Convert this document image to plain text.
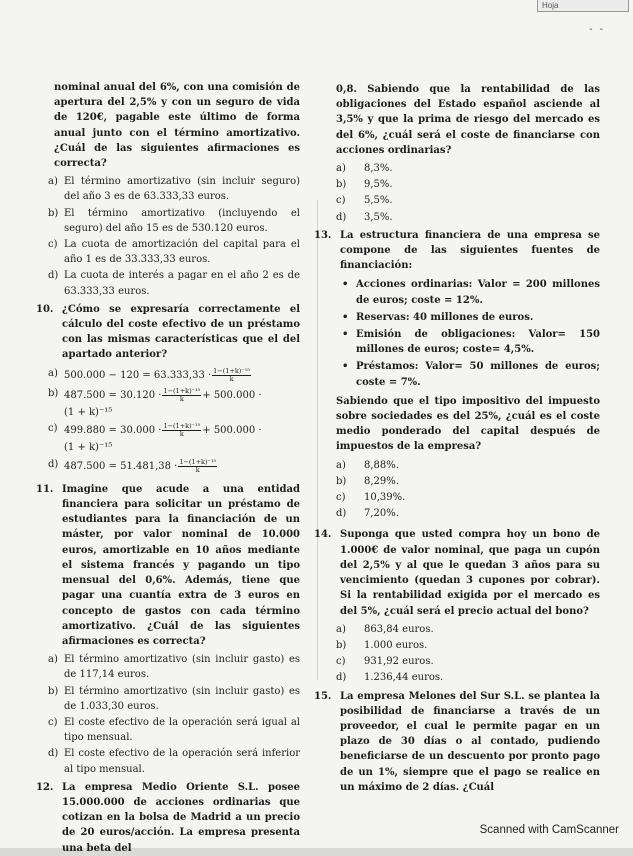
Hoja
- -

nominal anual del 6%, con una comisión de apertura del 2,5% y con un seguro de vida de 120€, pagable este último de forma anual junto con el término amortizativo. ¿Cuál de las siguientes afirmaciones es correcta?

a) El término amortizativo (sin incluir seguro) del año 3 es de 63.333,33 euros.
b) El término amortizativo (incluyendo el seguro) del año 15 es de 530.120 euros.
c) La cuota de amortización del capital para el año 1 es de 33.333,33 euros.
d) La cuota de interés a pagar en el año 2 es de 63.333,33 euros.
10. ¿Cómo se expresaría correctamente el cálculo del coste efectivo de un préstamo con las mismas características que el del apartado anterior?
a) 500.000 − 120 = 63.333,33 · 1−(1+k)⁻¹⁵
k
b) 487.500 = 30.120 · 1−(1+k)⁻¹⁵
k + 500.000 ·
(1 + k)⁻¹⁵
c) 499.880 = 30.000 · 1−(1+k)⁻¹⁵
k + 500.000 ·
(1 + k)⁻¹⁵
d) 487.500 = 51.481,38 · 1−(1+k)⁻¹⁵
k
11. Imagine que acude a una entidad financiera para solicitar un préstamo de estudiantes para la financiación de un máster, por valor nominal de 10.000 euros, amortizable en 10 años mediante el sistema francés y pagando un tipo mensual del 0,6%. Además, tiene que pagar una cuantía extra de 3 euros en concepto de gastos con cada término amortizativo. ¿Cuál de las siguientes afirmaciones es correcta?
a) El término amortizativo (sin incluir gasto) es de 117,14 euros.
b) El término amortizativo (sin incluir gasto) es de 1.033,30 euros.
c) El coste efectivo de la operación será igual al tipo mensual.
d) El coste efectivo de la operación será inferior al tipo mensual.
12. La empresa Medio Oriente S.L. posee 15.000.000 de acciones ordinarias que cotizan en la bolsa de Madrid a un precio de 20 euros/acción. La empresa presenta una beta del

0,8. Sabiendo que la rentabilidad de las obligaciones del Estado español asciende al 3,5% y que la prima de riesgo del mercado es del 6%, ¿cuál será el coste de financiarse con acciones ordinarias?

a)	8,3%.
b)	9,5%.
c)	5,5%.
d)	3,5%.
13. La estructura financiera de una empresa se compone de las siguientes fuentes de financiación:
• Acciones ordinarias: Valor = 200 millones de euros; coste = 12%.
• Reservas: 40 millones de euros.
• Emisión de obligaciones: Valor= 150 millones de euros; coste= 4,5%.
• Préstamos: Valor= 50 millones de euros; coste = 7%.

Sabiendo que el tipo impositivo del impuesto sobre sociedades es del 25%, ¿cuál es el coste medio ponderado del capital después de impuestos de la empresa?

a)	8,88%.
b)	8,29%.
c)	10,39%.
d)	7,20%.
14. Suponga que usted compra hoy un bono de 1.000€ de valor nominal, que paga un cupón del 2,5% y al que le quedan 3 años para su vencimiento (quedan 3 cupones por cobrar). Si la rentabilidad exigida por el mercado es del 5%, ¿cuál será el precio actual del bono?
a)	863,84 euros.
b)	1.000 euros.
c)	931,92 euros.
d)	1.236,44 euros.
15. La empresa Melones del Sur S.L. se plantea la posibilidad de financiarse a través de un proveedor, el cual le permite pagar en un plazo de 30 días o al contado, pudiendo beneficiarse de un descuento por pronto pago de un 1%, siempre que el pago se realice en un máximo de 2 días. ¿Cuál
Scanned with CamScanner
